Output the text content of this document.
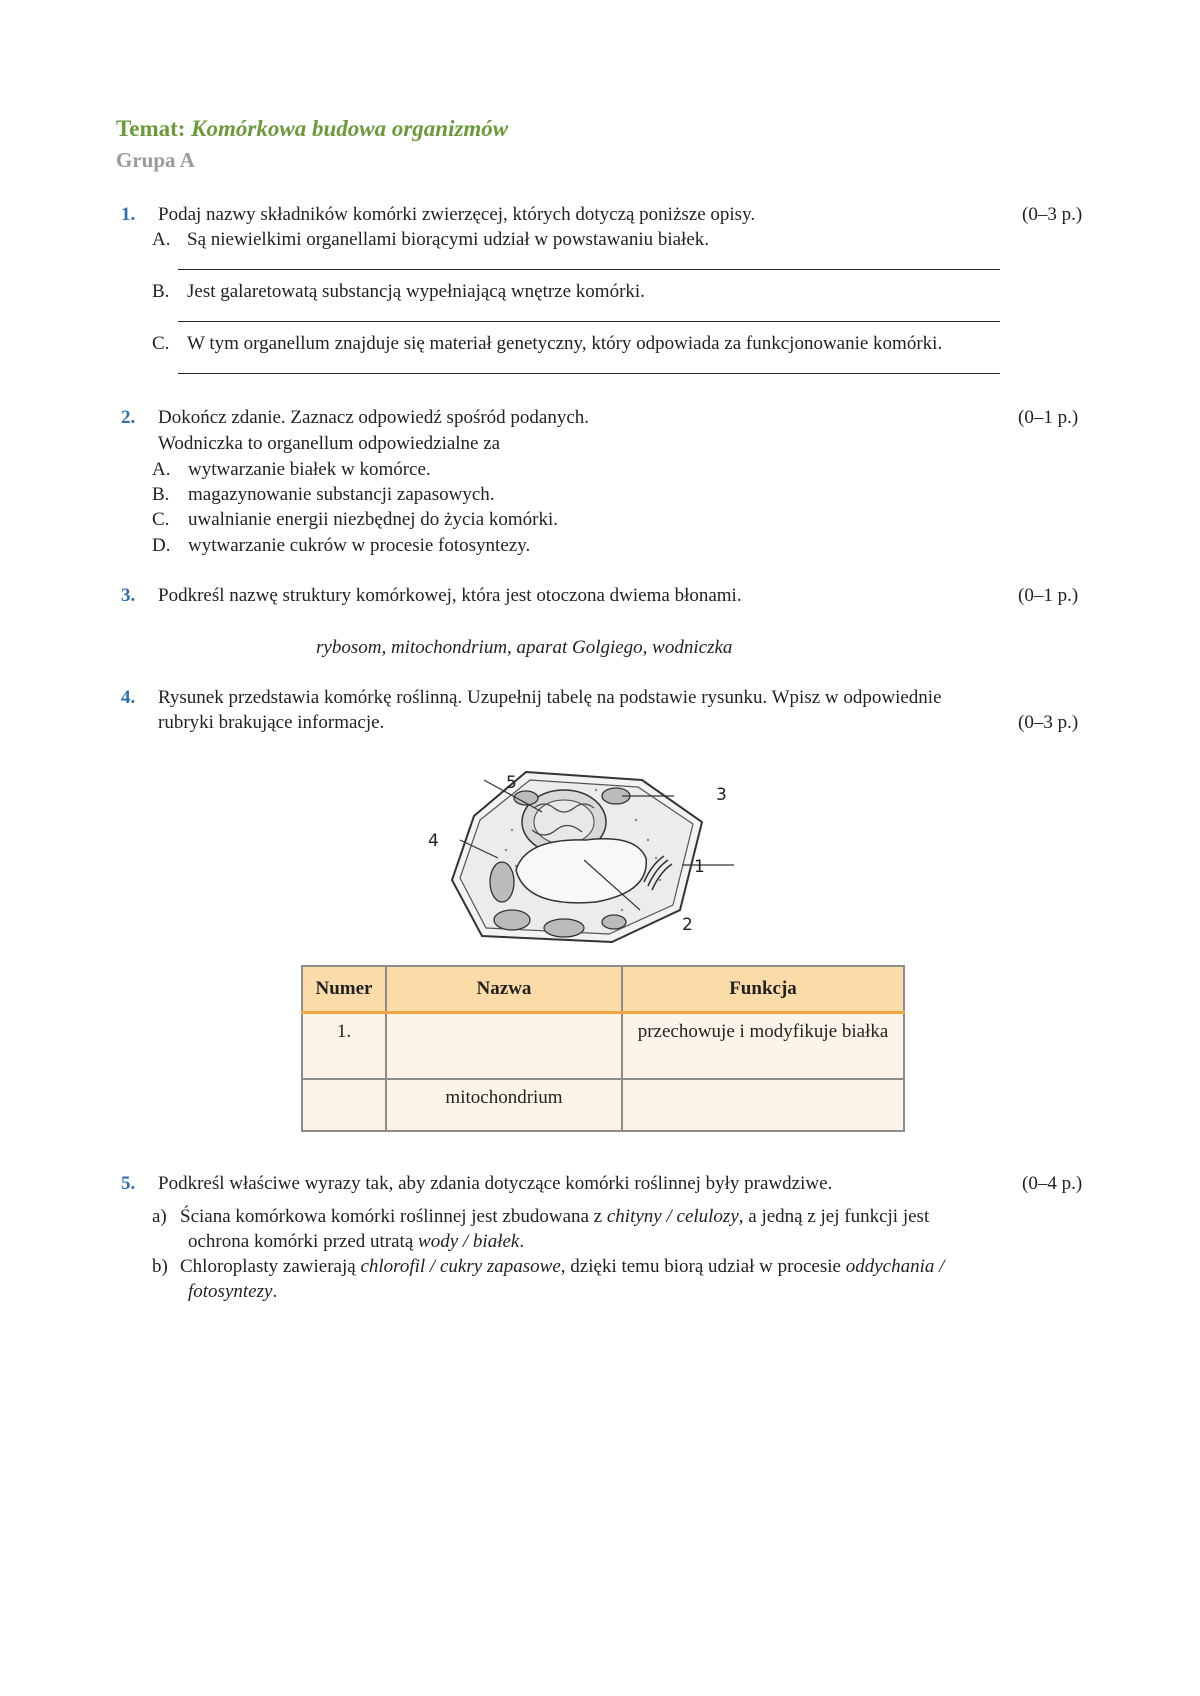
Temat: Komórkowa budowa organizmów
Grupa A
1. Podaj nazwy składników komórki zwierzęcej, których dotyczą poniższe opisy.	(0–3 p.)
A. Są niewielkimi organellami biorącymi udział w powstawaniu białek.
B. Jest galaretowatą substancją wypełniającą wnętrze komórki.
C. W tym organellum znajduje się materiał genetyczny, który odpowiada za funkcjonowanie komórki.
2. Dokończ zdanie. Zaznacz odpowiedź spośród podanych.	(0–1 p.)
Wodniczka to organellum odpowiedzialne za
A. wytwarzanie białek w komórce.
B. magazynowanie substancji zapasowych.
C. uwalnianie energii niezbędnej do życia komórki.
D. wytwarzanie cukrów w procesie fotosyntezy.
3. Podkreśl nazwę struktury komórkowej, która jest otoczona dwiema błonami.	(0–1 p.)
rybosom, mitochondrium, aparat Golgiego, wodniczka
4. Rysunek przedstawia komórkę roślinną. Uzupełnij tabelę na podstawie rysunku. Wpisz w odpowiednie
rubryki brakujące informacje.	(0–3 p.)
1
2
3
4
5
Numer	Nazwa	Funkcja
1.		przechowuje i modyfikuje białka
	mitochondrium	
5. Podkreśl właściwe wyrazy tak, aby zdania dotyczące komórki roślinnej były prawdziwe.	(0–4 p.)
a) Ściana komórkowa komórki roślinnej jest zbudowana z chityny / celulozy, a jedną z jej funkcji jest
ochrona komórki przed utratą wody / białek.
b) Chloroplasty zawierają chlorofil / cukry zapasowe, dzięki temu biorą udział w procesie oddychania /
fotosyntezy.
